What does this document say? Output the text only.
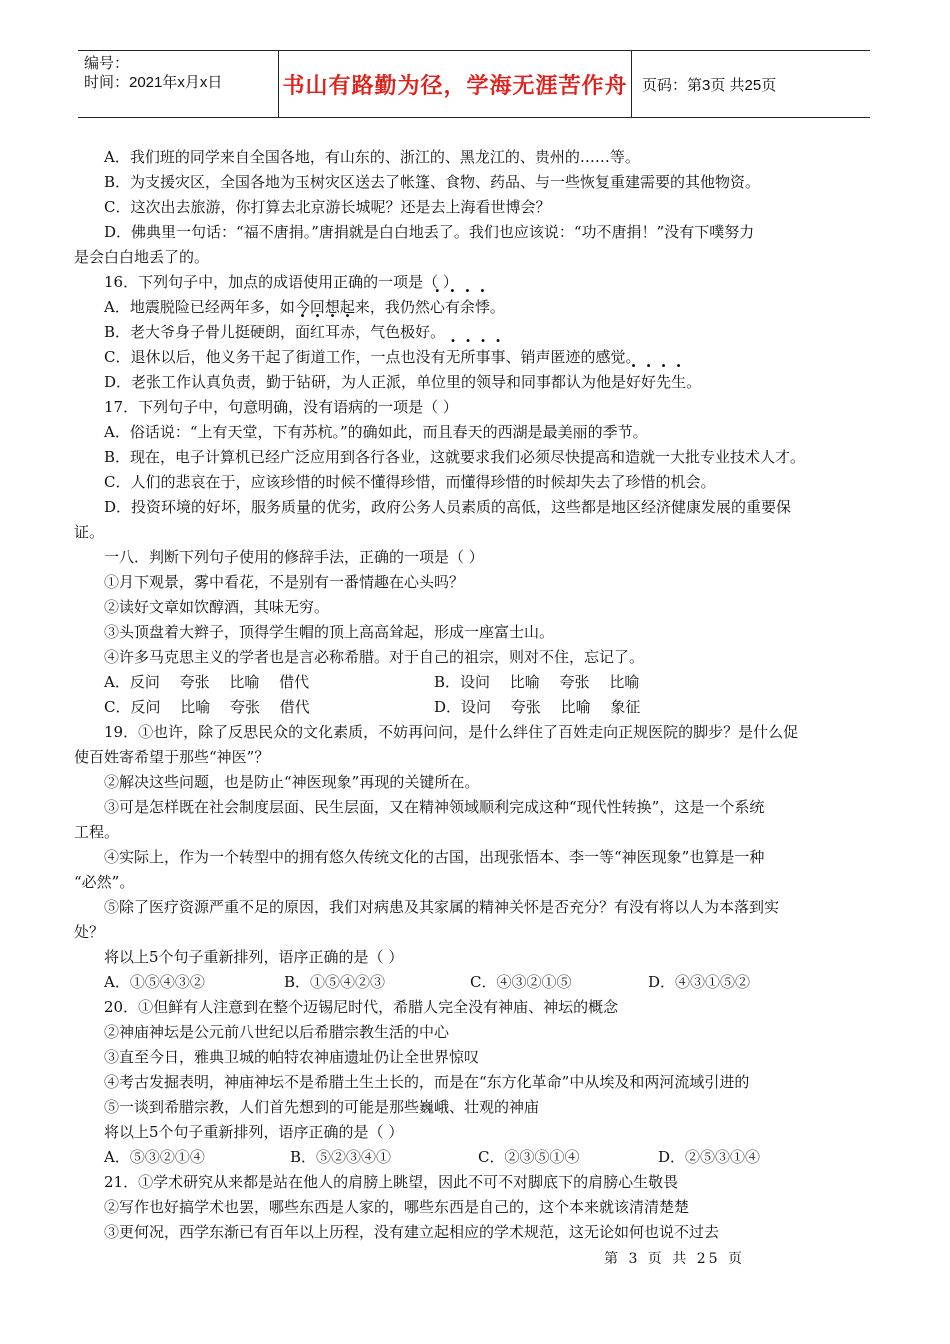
编号：
时间：2021年x月x日	书山有路勤为径，学海无涯苦作舟 页码：第3页 共25页
A．我们班的同学来自全国各地，有山东的、浙江的、黑龙江的、贵州的……等。
B．为支援灾区，全国各地为玉树灾区送去了帐篷、食物、药品、与一些恢复重建需要的其他物资。
C．这次出去旅游，你打算去北京游长城呢？还是去上海看世博会？
D．佛典里一句话：“福不唐捐。”唐捐就是白白地丢了。我们也应该说：“功不唐捐！”没有下噗努力
是会白白地丢了的。
16．下列句子中，加点的成语使用正确的一项是（ ）
A．地震脱险已经两年多，如今回想起来，我仍然心有余悸。
B．老大爷身子骨儿挺硬朗，面红耳赤，气色极好。
C．退休以后，他义务干起了街道工作，一点也没有无所事事、销声匿迹的感觉。
D．老张工作认真负责，勤于钻研，为人正派，单位里的领导和同事都认为他是好好先生。
17．下列句子中，句意明确，没有语病的一项是（ ）
A．俗话说：“上有天堂，下有苏杭。”的确如此，而且春天的西湖是最美丽的季节。
B．现在，电子计算机已经广泛应用到各行各业，这就要求我们必须尽快提高和造就一大批专业技术人才。
C．人们的悲哀在于，应该珍惜的时候不懂得珍惜，而懂得珍惜的时候却失去了珍惜的机会。
D．投资环境的好坏，服务质量的优劣，政府公务人员素质的高低，这些都是地区经济健康发展的重要保
证。
一八．判断下列句子使用的修辞手法，正确的一项是（ ）
①月下观景，雾中看花，不是别有一番情趣在心头吗？
②读好文章如饮醇酒，其味无穷。
③头顶盘着大辫子，顶得学生帽的顶上高高耸起，形成一座富士山。
④许多马克思主义的学者也是言必称希腊。对于自己的祖宗，则对不住，忘记了。
A．反问　 夸张　 比喻　 借代	B．设问　 比喻　 夸张　 比喻
C．反问　 比喻　 夸张　 借代	D．设问　 夸张　 比喻　 象征
19．①也许，除了反思民众的文化素质，不妨再问问，是什么绊住了百姓走向正规医院的脚步？是什么促
使百姓寄希望于那些“神医”？
②解决这些问题，也是防止“神医现象”再现的关键所在。
③可是怎样既在社会制度层面、民生层面，又在精神领域顺利完成这种“现代性转换”，这是一个系统
工程。
④实际上，作为一个转型中的拥有悠久传统文化的古国，出现张悟本、李一等“神医现象”也算是一种
“必然”。
⑤除了医疗资源严重不足的原因，我们对病患及其家属的精神关怀是否充分？有没有将以人为本落到实
处？
将以上5个句子重新排列，语序正确的是（ ）
A．①⑤④③②	B．①⑤④②③	C．④③②①⑤	D．④③①⑤②
20．①但鲜有人注意到在整个迈锡尼时代，希腊人完全没有神庙、神坛的概念
②神庙神坛是公元前八世纪以后希腊宗教生活的中心
③直至今日，雅典卫城的帕特农神庙遗址仍让全世界惊叹
④考古发掘表明，神庙神坛不是希腊土生土长的，而是在“东方化革命”中从埃及和两河流域引进的
⑤一谈到希腊宗教，人们首先想到的可能是那些巍峨、壮观的神庙
将以上5个句子重新排列，语序正确的是（ ）
A．⑤③②①④	B．⑤②③④①	C．②③⑤①④	D．②⑤③①④
21．①学术研究从来都是站在他人的肩膀上眺望，因此不可不对脚底下的肩膀心生敬畏
②写作也好搞学术也罢，哪些东西是人家的，哪些东西是自己的，这个本来就该清清楚楚
③更何况，西学东渐已有百年以上历程，没有建立起相应的学术规范，这无论如何也说不过去
第 3 页 共 25 页
